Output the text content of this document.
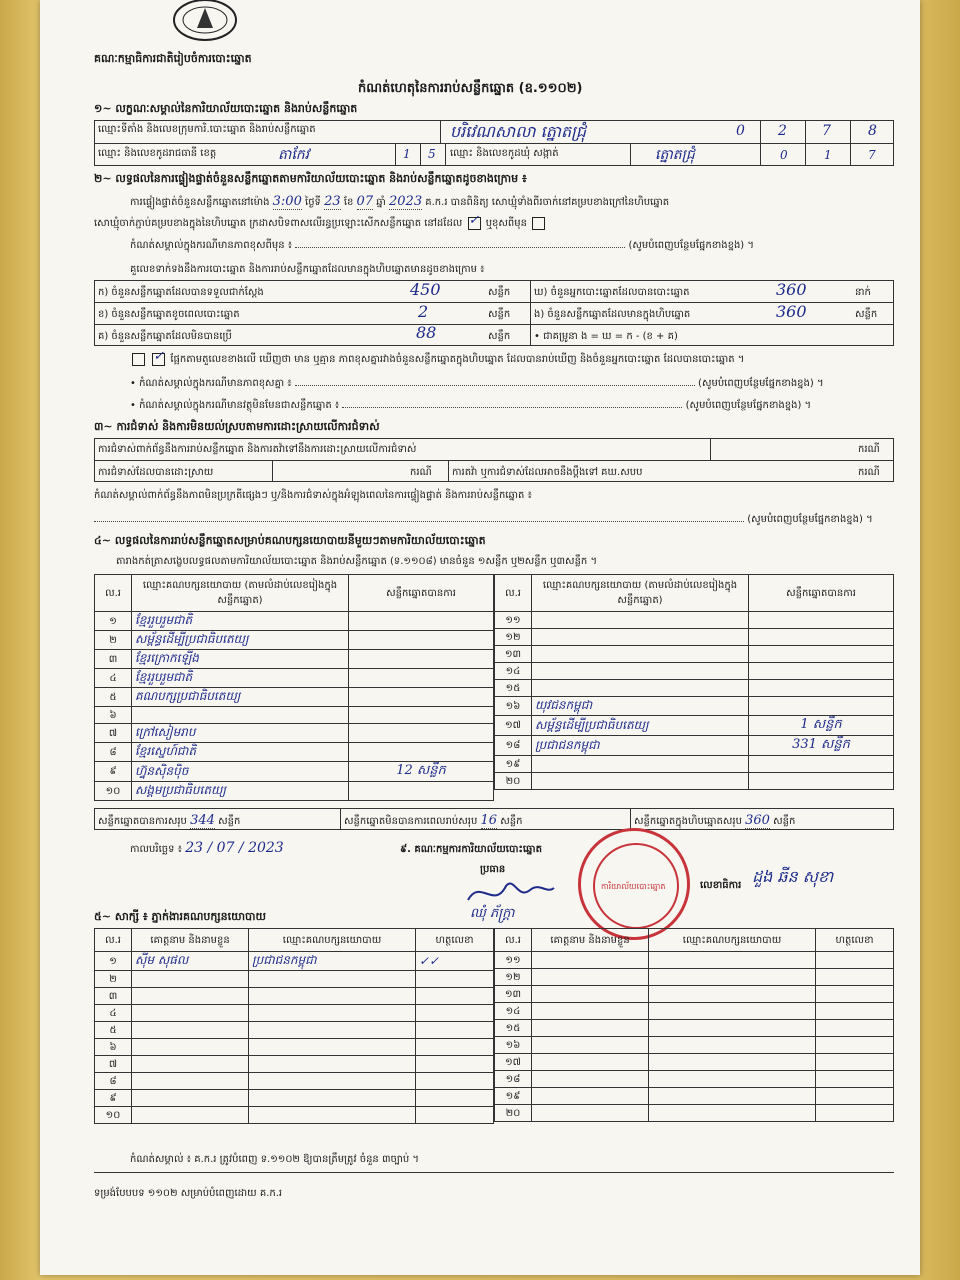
គណៈកម្មាធិការជាតិរៀបចំការបោះឆ្នោត
កំណត់ហេតុនៃការរាប់សន្លឹកឆ្នោត (ឧ.១១០២)
១~ លក្ខណៈសម្គាល់នៃការិយាល័យបោះឆ្នោត និងរាប់សន្លឹកឆ្នោត
ឈ្មោះទីតាំង និងលេខក្រុមការិ.បោះឆ្នោត និងរាប់សន្លឹកឆ្នោត	បរិវេណសាលា ត្នោតជ្រុំ	0 2	7	8
ឈ្មោះ និងលេខកូដរាជធានី ខេត្ត	តាកែវ	1 5	ឈ្មោះ និងលេខកូដឃុំ សង្កាត់	ត្នោតជ្រុំ	0	1	7
២~ លទ្ធផលនៃការផ្ទៀងផ្ទាត់ចំនួនសន្លឹកឆ្នោតតាមការិយាល័យបោះឆ្នោត និងរាប់សន្លឹកឆ្នោតដូចខាងក្រោម ៖
ការផ្ទៀងផ្ទាត់ចំនួនសន្លឹកឆ្នោតនៅម៉ោង 3:00 ថ្ងៃទី 23 ខែ 07 ឆ្នាំ 2023 គ.ក.រ បានពិនិត្យ សោឃ្មុំទាំងពីរចាក់នៅគម្របខាងក្រៅនៃហិបឆ្នោត
សោឃ្មុំចាក់ភ្ជាប់គម្របខាងក្នុងនៃហិបឆ្នោត ក្រដាសបិទពាសលើរន្ធប្រឡោះសើកសន្លឹកឆ្នោត នៅដដែល ✓ ឬខុសពីមុន
កំណត់សម្គាល់ក្នុងករណីមានភាពខុសពីមុន ៖	(សូមបំពេញបន្ថែមផ្នែកខាងខ្នង) ។
គួលេខទាក់ទងនឹងការបោះឆ្នោត និងការរាប់សន្លឹកឆ្នោតដែលមានក្នុងហិបឆ្នោតមានដូចខាងក្រោម ៖
ក) ចំនួនសន្លឹកឆ្នោតដែលបានទទួលជាក់ស្តែង	450	សន្លឹក
ខ) ចំនួនសន្លឹកឆ្នោតខូចពេលបោះឆ្នោត	2	សន្លឹក
គ) ចំនួនសន្លឹកឆ្នោតដែលមិនបានប្រើ	88	សន្លឹក
ឃ) ចំនួនអ្នកបោះឆ្នោតដែលបានបោះឆ្នោត	360	នាក់
ង) ចំនួនសន្លឹកឆ្នោតដែលមានក្នុងហិបឆ្នោត	360	សន្លឹក
• ជាគម្រូនា ង = ឃ = ក - (ខ + គ)

✓ ផ្អែកតាមតួលេខខាងលើ ឃើញថា មាន ឬគ្មាន ភាពខុសគ្នារវាងចំនួនសន្លឹកឆ្នោតក្នុងហិបឆ្នោត ដែលបានរាប់ឃើញ និងចំនួនអ្នកបោះឆ្នោត ដែលបានបោះឆ្នោត ។
• កំណត់សម្គាល់ក្នុងករណីមានភាពខុសគ្នា ៖	(សូមបំពេញបន្ថែមផ្នែកខាងខ្នង) ។
• កំណត់សម្គាល់ក្នុងករណីមានវត្ថុមិនមែនជាសន្លឹកឆ្នោត ៖	(សូមបំពេញបន្ថែមផ្នែកខាងខ្នង) ។
៣~ ការជំទាស់ និងការមិនយល់ស្របតាមការដោះស្រាយលើការជំទាស់
ការជំទាស់ពាក់ព័ន្ធនឹងការរាប់សន្លឹកឆ្នោត និងការតវ៉ាទៅនឹងការដោះស្រាយលើការជំទាស់	ករណី
ការជំទាស់ដែលបានដោះស្រាយ	ករណី ការតវ៉ា ឬការជំទាស់ដែលអាចនឹងប្តឹងទៅ គឃ.សបប	ករណី
កំណត់សម្គាល់ពាក់ព័ន្ធនឹងភាពមិនប្រក្រតីផ្សេងៗ ឬ/និងការជំទាស់ក្នុងអំឡុងពេលនៃការផ្ទៀងផ្ទាត់ និងការរាប់សន្លឹកឆ្នោត ៖
(សូមបំពេញបន្ថែមផ្នែកខាងខ្នង) ។
៤~ លទ្ធផលនៃការរាប់សន្លឹកឆ្នោតសម្រាប់គណបក្សនយោបាយនីមួយៗតាមការិយាល័យបោះឆ្នោត
តារាងកត់ត្រាសង្ខេបលទ្ធផលតាមការិយាល័យបោះឆ្នោត និងរាប់សន្លឹកឆ្នោត (ទ.១១០៨) មានចំនួន ១សន្លឹក ឬ២សន្លឹក ឬ៣សន្លឹក ។
ល.រ	ឈ្មោះគណបក្សនយោបាយ (តាមលំដាប់លេខរៀងក្នុងសន្លឹកឆ្នោត)	សន្លឹកឆ្នោតបានការ
១	ខ្មែររួបរួមជាតិ	
២	សម្ព័ន្ធដើម្បីប្រជាធិបតេយ្យ	
៣	ខ្មែរក្រោកឡើង	
៤	ខ្មែររួបរួមជាតិ	
៥	គណបក្សប្រជាធិបតេយ្យ	
៦		
៧	ក្រៅសៀមរាប	
៨	ខ្មែរស្នេហ៍ជាតិ	
៩	ហ្វ៊ុនស៊ិនប៉ិច	12 សន្លឹក
១០	សង្គមប្រជាធិបតេយ្យ	
ល.រ	ឈ្មោះគណបក្សនយោបាយ (តាមលំដាប់លេខរៀងក្នុងសន្លឹកឆ្នោត)	សន្លឹកឆ្នោតបានការ
១១		
១២		
១៣		
១៤		
១៥		
១៦	យុវជនកម្ពុជា	
១៧	សម្ព័ន្ធដើម្បីប្រជាធិបតេយ្យ	1 សន្លឹក
១៨	ប្រជាជនកម្ពុជា	331 សន្លឹក
១៩		
២០		
សន្លឹកឆ្នោតបានការសរុប 344 សន្លឹក	សន្លឹកឆ្នោតមិនបានការពេលរាប់សរុប 16 សន្លឹក	សន្លឹកឆ្នោតក្នុងហិបឆ្នោតសរុប 360 សន្លឹក
កាលបរិច្ឆេទ ៖ 23 / 07 / 2023	៩. គណៈកម្មការការិយាល័យបោះឆ្នោត
ប្រធាន
ឈុំ ភ័ក្ត្រា
ការិយាល័យបោះឆ្នោត	លេខាធិការ ដួង ឆីន សុខា
៥~ សាក្សី ៖ ភ្នាក់ងារគណបក្សនយោបាយ
ល.រ	គោត្តនាម និងនាមខ្លួន	ឈ្មោះគណបក្សនយោបាយ	ហត្ថលេខា
១	ស៊ីម សុផល	ប្រជាជនកម្ពុជា	✓✓
២			
៣			
៤			
៥			
៦			
៧			
៨			
៩			
១០			
ល.រ	គោត្តនាម និងនាមខ្លួន	ឈ្មោះគណបក្សនយោបាយ	ហត្ថលេខា
១១			
១២			
១៣			
១៤			
១៥			
១៦			
១៧			
១៨			
១៩			
២០			
កំណត់សម្គាល់ ៖ គ.ក.រ ត្រូវបំពេញ ទ.១១០២ ឱ្យបានត្រឹមត្រូវ ចំនួន ៣ច្បាប់ ។
ទម្រង់បែបបទ ១១០២ សម្រាប់បំពេញដោយ គ.ក.រ
